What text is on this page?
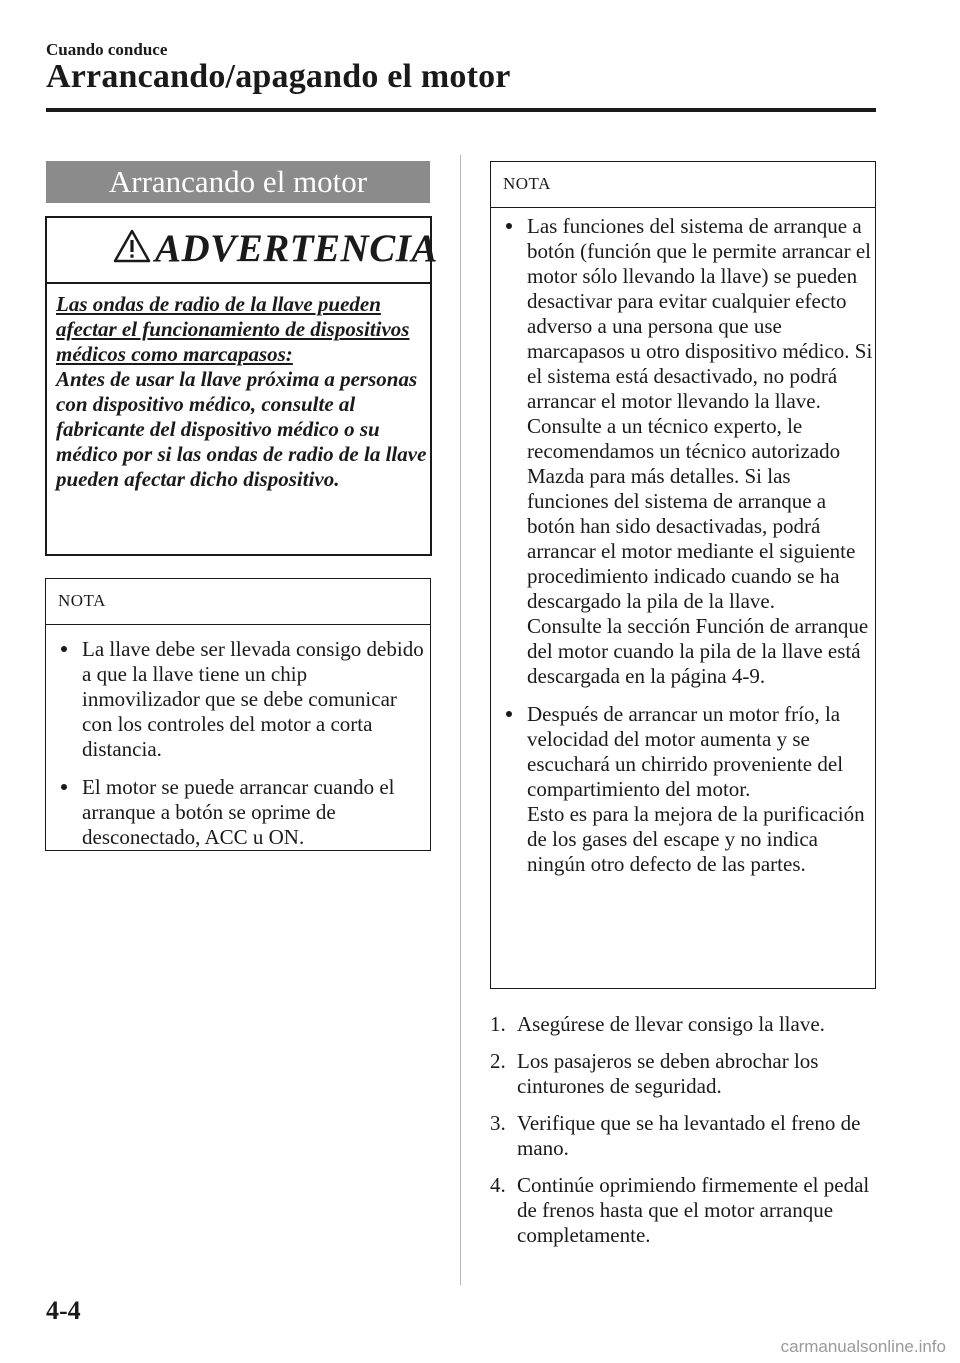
Cuando conduce
Arrancando/apagando el motor
Arrancando el motor
ADVERTENCIA
Las ondas de radio de la llave pueden afectar el funcionamiento de dispositivos médicos como marcapasos:
Antes de usar la llave próxima a personas con dispositivo médico, consulte al fabricante del dispositivo médico o su médico por si las ondas de radio de la llave pueden afectar dicho dispositivo.
NOTA
La llave debe ser llevada consigo debido a que la llave tiene un chip inmovilizador que se debe comunicar con los controles del motor a corta distancia.
El motor se puede arrancar cuando el arranque a botón se oprime de desconectado, ACC u ON.
NOTA
Las funciones del sistema de arranque a botón (función que le permite arrancar el motor sólo llevando la llave) se pueden desactivar para evitar cualquier efecto adverso a una persona que use marcapasos u otro dispositivo médico. Si el sistema está desactivado, no podrá arrancar el motor llevando la llave. Consulte a un técnico experto, le recomendamos un técnico autorizado Mazda para más detalles. Si las funciones del sistema de arranque a botón han sido desactivadas, podrá arrancar el motor mediante el siguiente procedimiento indicado cuando se ha descargado la pila de la llave.
Consulte la sección Función de arranque del motor cuando la pila de la llave está descargada en la página 4-9.
Después de arrancar un motor frío, la velocidad del motor aumenta y se escuchará un chirrido proveniente del compartimiento del motor.
Esto es para la mejora de la purificación de los gases del escape y no indica ningún otro defecto de las partes.
1. Asegúrese de llevar consigo la llave.
2. Los pasajeros se deben abrochar los cinturones de seguridad.
3. Verifique que se ha levantado el freno de mano.
4. Continúe oprimiendo firmemente el pedal de frenos hasta que el motor arranque completamente.
4-4
carmanualsonline.info
